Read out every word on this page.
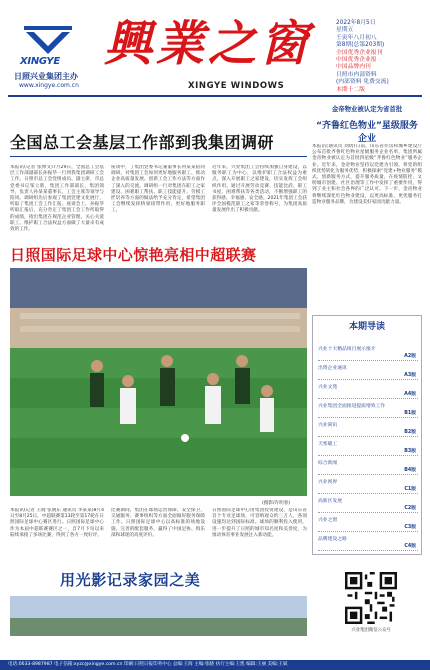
XINGYE
日照兴业集团主办
www.xingye.com.cn
興業之窗
XINGYE WINDOWS
2022年8月5日
星期五
壬寅年八月初八
第8期(总第203期)
全国优秀企业报刊
中国优秀企业报
中国品牌内刊
日照市内部资料
(内部资料 免费交流)
本期十二版
全国总工会基层工作部到我集团调研
本报讯(记者 张博文)7月29日，全国总工会基层工作部副部长孙振华一行到我集团调研工会工作。日照市总工会党组成员、副主席，市总党委书记邹立新，集团工作部部长，集团领导，负责人孙某某董事长、工会主席等领导与陪同。调研组先后参观了集团党建文化展厅，听取了集团工会工作汇报。座谈会上，孙振华听取汇报后，充分肯定了集团工会工作所取得的成绩，指出集团在规范企业管理、关心关爱职工、维护职工合法权益方面做了大量卓有成效的工作。
座谈中，了集团党委书记兼董事长何某某陪同调研，对集团工会如何更好地服务职工、推动企业高质量发展、创新工会工作方法等方面作了深入的交流。调研组一行对集团在职工之家建设、困难职工帮扶、职工技能提升、劳模工匠培养等方面的做法给予充分肯定，希望集团工会继续发挥桥梁纽带作用，更好地服务职工。
近年来，兴业集团工会持续加强自身建设，以服务职工为中心，以维护职工合法权益为重点，深入开展职工之家建设，切实发挥工会组织作用。通过开展劳动竞赛、技能比武、职工书屋、困难帮扶等各类活动，不断增强职工的获得感、幸福感、安全感。2021年集团工会获评全国模范职工之家等荣誉称号，为集团高质量发展作出了积极贡献。
金帝物业被认定为省首批
“齐鲁红色物业”星级服务企业
本报讯(通讯员 刘倩)日前，山东省住房和城乡建设厅公布首批齐鲁红色物业星级服务企业名单，集团所属金帝物业被认定为首批四星级“齐鲁红色物业”服务企业。近年来，金帝物业坚持以党建为引领，将党的组织优势转化为服务优势，积极探索“党建+物业服务”模式，创新服务方式，提升服务质量，在疫情防控、文明城市创建、社区治理等工作中发挥了重要作用，得到了业主和社会各界的广泛认可。下一步，金帝物业将继续深化红色物业建设，以更高标准、更优服务打造物业服务品牌，为建设美好家园贡献力量。
日照国际足球中心惊艳亮相中超联赛
(摄影/许明春)
本报讯(记者 王晓 张晓东 通讯员 李某某)8月4日至8月25日，中超联赛第13轮至第17轮在日照国际足球中心赛区进行。日照国际足球中心作为本届中超联赛赛区之一，自7月下旬以来陆续承接了多场比赛，得到了各方一致好评。
比赛期间，集团在球场运营保障、安全保卫、交通服务、赛事组织等方面全面做好服务保障工作。日照国际足球中心以高标准的场地设施、完善的配套服务，赢得了中国足协、俱乐部和球迷的高度评价。
日照国际足球中心由集团投资建设，是山东省首个专业足球场，可容纳观众约三万人，各项设施均达到国际标准。球场的顺利投入使用，进一步提升了日照的城市知名度和美誉度，为推动体育事业发展注入新动能。
本期导读
兴业十大精品项目展示推介
A2版
出资企业通讯
A3版
兴业文苑
A4版
兴业集团全面推进提质增效工作
B1版
兴业简讯
B2版
天寒暖工
B3版
综合新闻
B4版
兴业视界
C1版
高新区发展
C2版
兴业之窗
C3版
品牌建设之路
C4版
用光影记录家园之美
兴业集团微信公众号
电话:0633-8987987 电子信箱:xyzc@xingye.com.cn 印刷:日照日报印务中心 总编:王海 主编:张晓 执行主编:王凯 编辑:王丽 美编:王斌
